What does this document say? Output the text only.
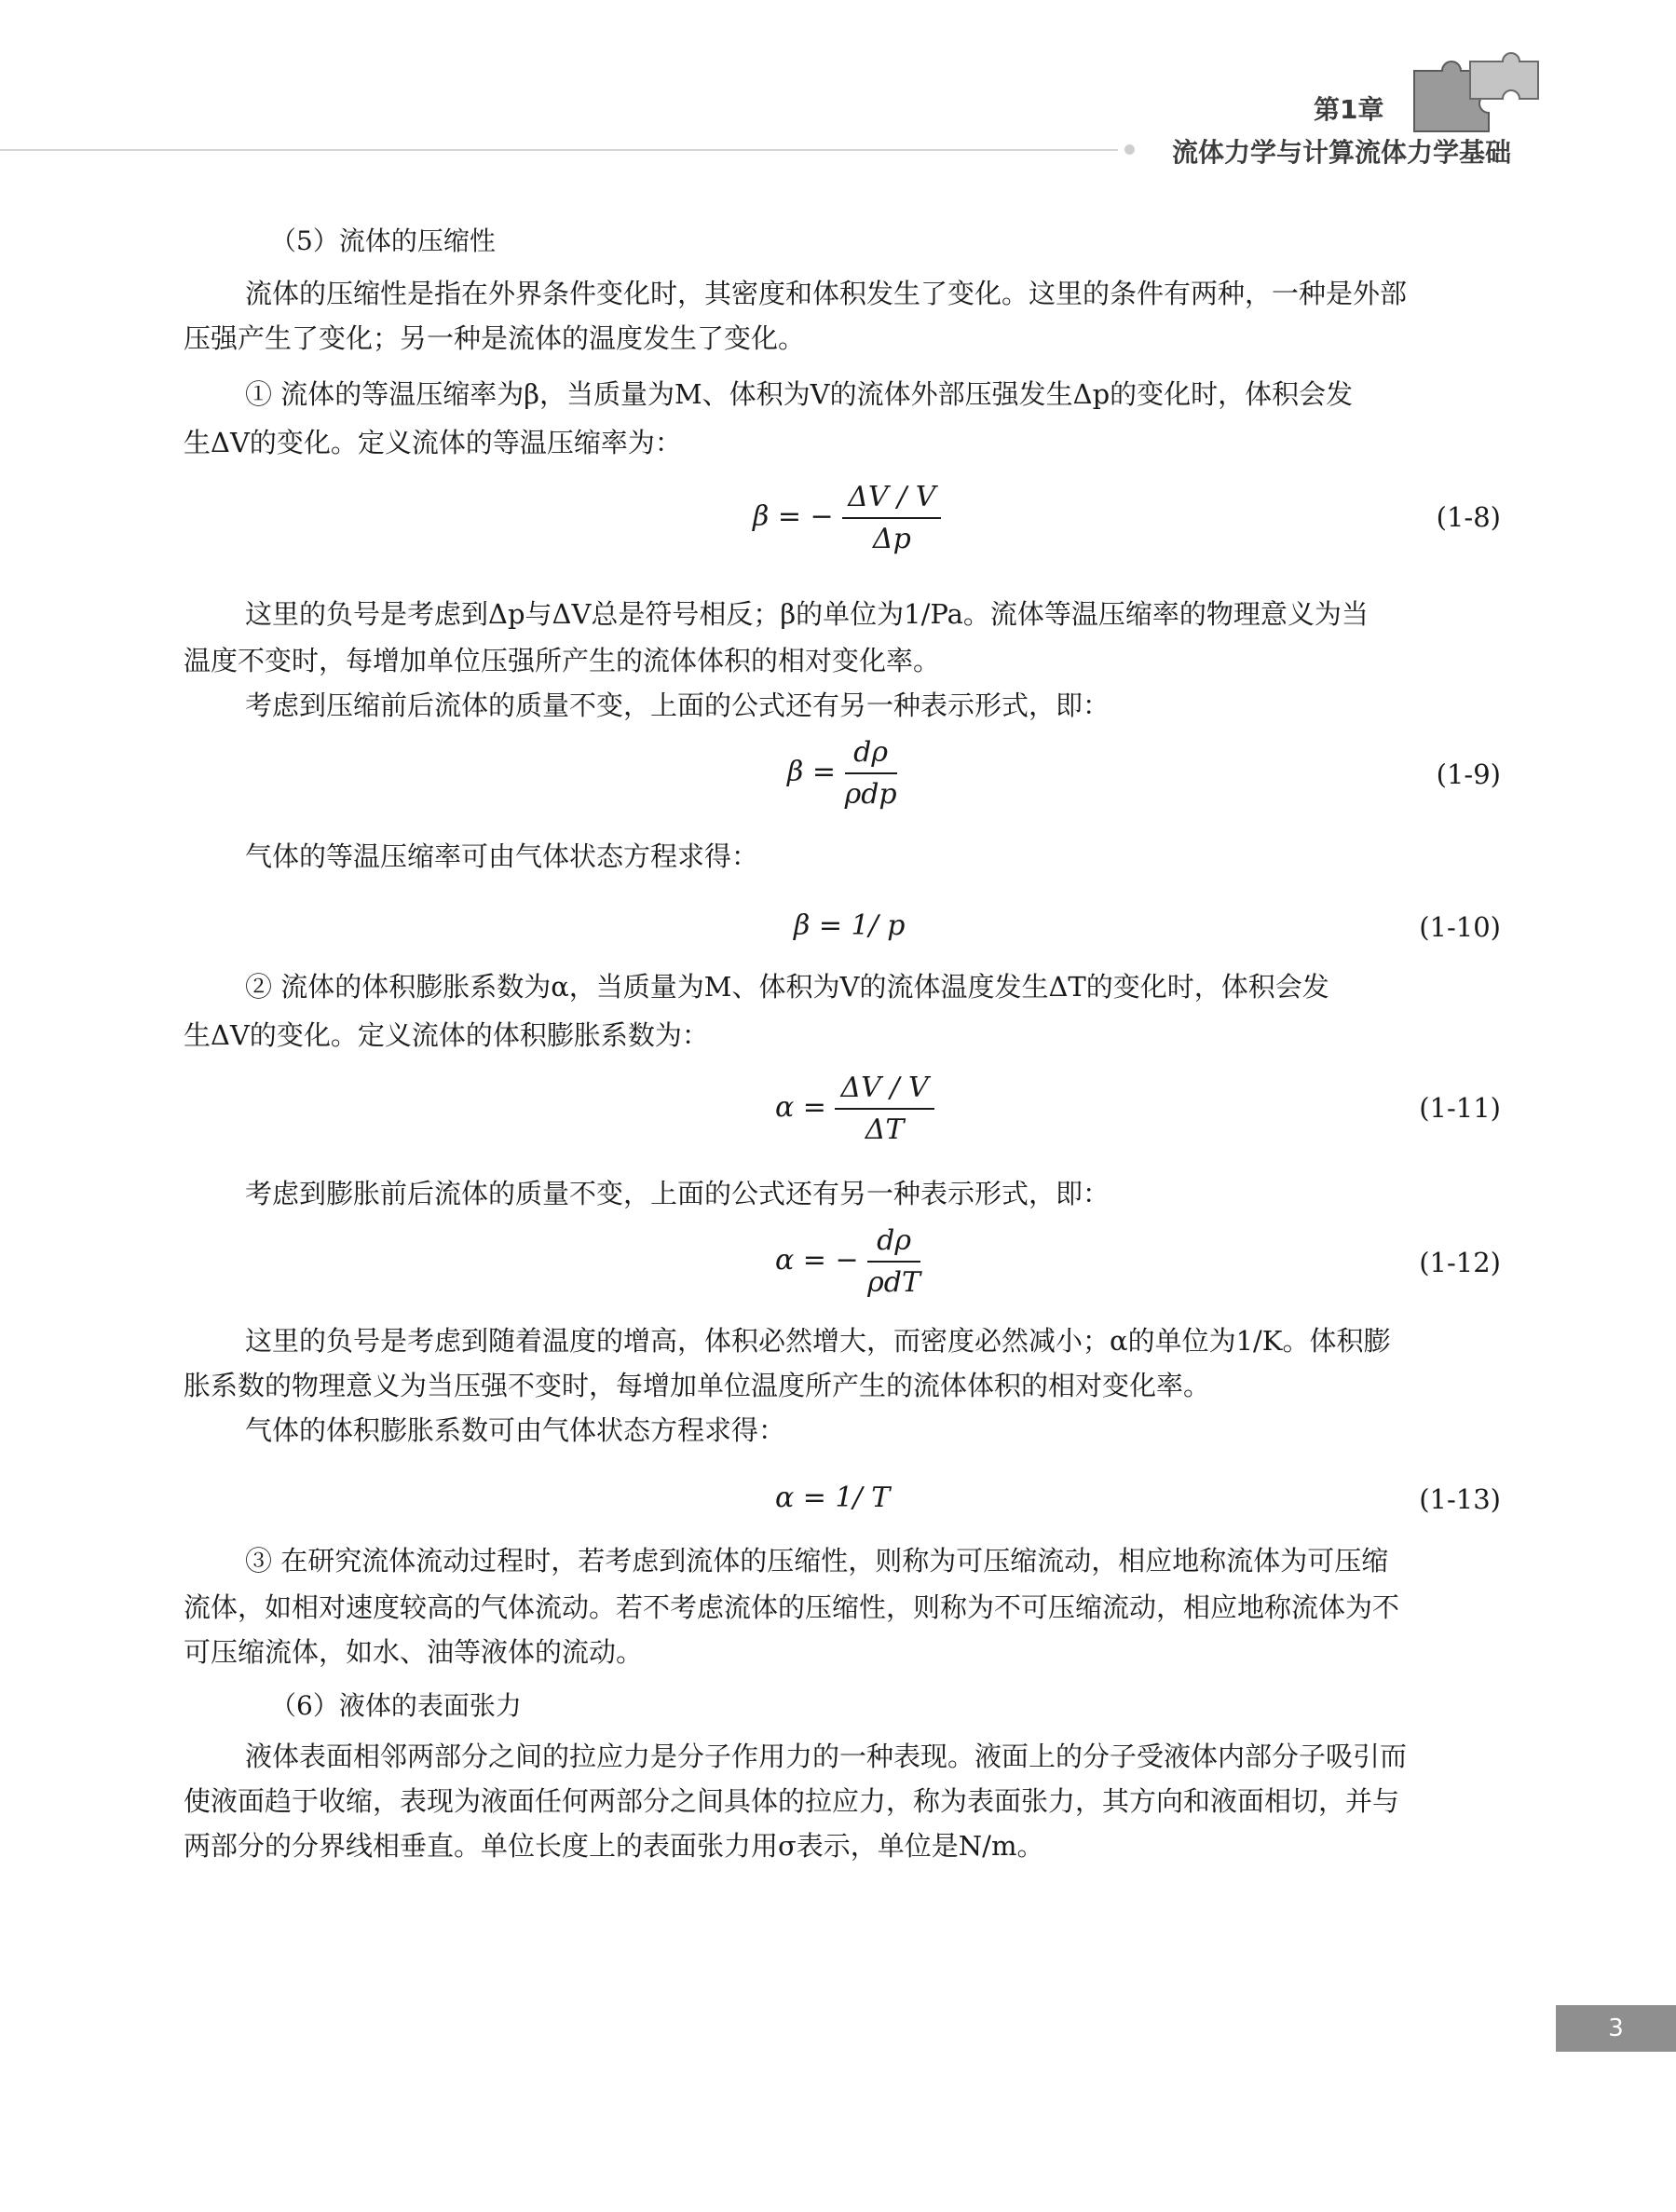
第1章
流体力学与计算流体力学基础

（5）流体的压缩性

流体的压缩性是指在外界条件变化时，其密度和体积发生了变化。这里的条件有两种，一种是外部

压强产生了变化；另一种是流体的温度发生了变化。

① 流体的等温压缩率为β，当质量为M、体积为V的流体外部压强发生Δp的变化时，体积会发

生ΔV的变化。定义流体的等温压缩率为：

β = − $\frac{\Delta V / V}{\Delta p}$	(1-8)

这里的负号是考虑到Δp与ΔV总是符号相反；β的单位为1/Pa。流体等温压缩率的物理意义为当

温度不变时，每增加单位压强所产生的流体体积的相对变化率。

考虑到压缩前后流体的质量不变，上面的公式还有另一种表示形式，即：

$\beta = \frac{d\rho}{\text{ρdp}}$	(1-9)

气体的等温压缩率可由气体状态方程求得：

β = 1/ p	(1-10)

② 流体的体积膨胀系数为α，当质量为M、体积为V的流体温度发生ΔT的变化时，体积会发

生ΔV的变化。定义流体的体积膨胀系数为：

$\alpha = \frac{\Delta V / V}{\Delta T}$	(1-11)

考虑到膨胀前后流体的质量不变，上面的公式还有另一种表示形式，即：

α = − $\frac{d\rho}{\text{ρdT}}$	(1-12)

这里的负号是考虑到随着温度的增高，体积必然增大，而密度必然减小；α的单位为1/K。体积膨

胀系数的物理意义为当压强不变时，每增加单位温度所产生的流体体积的相对变化率。

气体的体积膨胀系数可由气体状态方程求得：

α = 1/ T	(1-13)

③ 在研究流体流动过程时，若考虑到流体的压缩性，则称为可压缩流动，相应地称流体为可压缩

流体，如相对速度较高的气体流动。若不考虑流体的压缩性，则称为不可压缩流动，相应地称流体为不

可压缩流体，如水、油等液体的流动。

（6）液体的表面张力

液体表面相邻两部分之间的拉应力是分子作用力的一种表现。液面上的分子受液体内部分子吸引而

使液面趋于收缩，表现为液面任何两部分之间具体的拉应力，称为表面张力，其方向和液面相切，并与

两部分的分界线相垂直。单位长度上的表面张力用σ表示，单位是N/m。

3
